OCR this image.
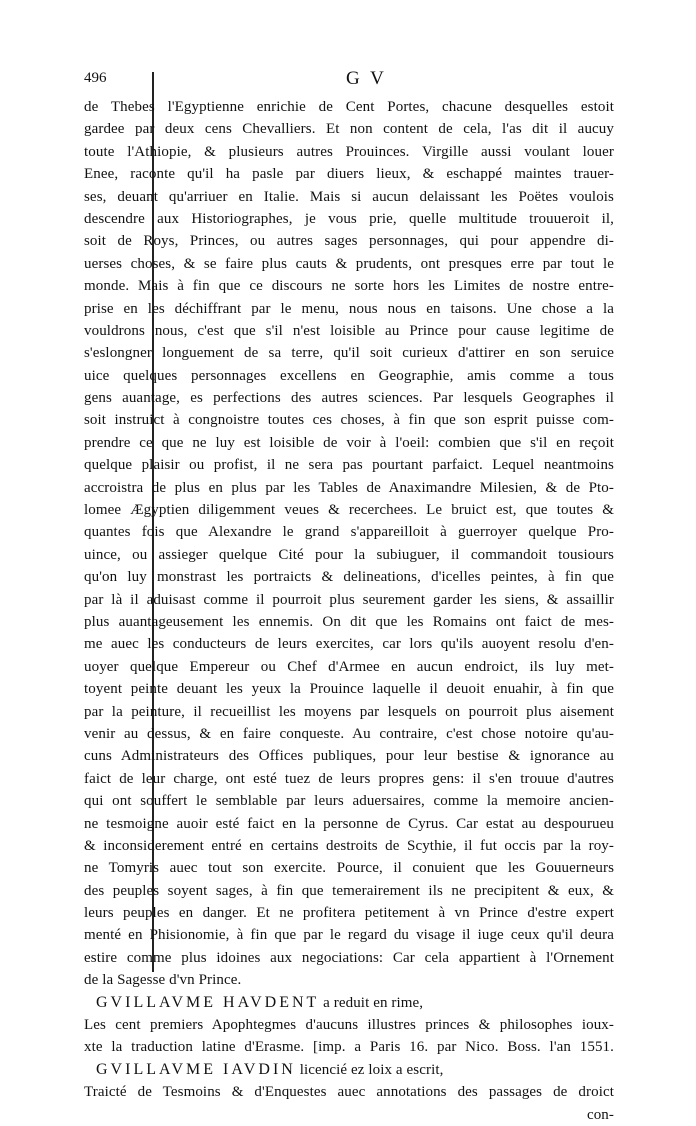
496	G V
de Thebes l'Egyptienne enrichie de Cent Portes, chacune desquelles estoit
gardee par deux cens Chevalliers. Et non content de cela, l'as dit il aucuy
toute l'Athiopie, & plusieurs autres Prouinces. Virgille aussi voulant louer
Enee, raconte qu'il ha pasle par diuers lieux, & eschappé maintes trauer-
ses, deuant qu'arriuer en Italie. Mais si aucun delaissant les Poëtes voulois
descendre aux Historiographes, je vous prie, quelle multitude trouueroit il,
soit de Roys, Princes, ou autres sages personnages, qui pour appendre di-
uerses choses, & se faire plus cauts & prudents, ont presques erre par tout le
monde. Mais à fin que ce discours ne sorte hors les Limites de nostre entre-
prise en les déchiffrant par le menu, nous nous en taisons. Une chose a la
vouldrons nous, c'est que s'il n'est loisible au Prince pour cause legitime de
s'eslongner longuement de sa terre, qu'il soit curieux d'attirer en son seruice
uice quelques personnages excellens en Geographie, amis comme a tous
gens auantage, es perfections des autres sciences. Par lesquels Geographes il
soit instruict à congnoistre toutes ces choses, à fin que son esprit puisse com-
prendre ce que ne luy est loisible de voir à l'oeil: combien que s'il en reçoit
quelque plaisir ou profist, il ne sera pas pourtant parfaict. Lequel neantmoins
accroistra de plus en plus par les Tables de Anaximandre Milesien, & de Pto-
lomee Ægyptien diligemment veues & recerchees. Le bruict est, que toutes &
quantes fois que Alexandre le grand s'appareilloit à guerroyer quelque Pro-
uince, ou assieger quelque Cité pour la subiuguer, il commandoit tousiours
qu'on luy monstrast les portraicts & delineations, d'icelles peintes, à fin que
par là il aduisast comme il pourroit plus seurement garder les siens, & assaillir
plus auantageusement les ennemis. On dit que les Romains ont faict de mes-
me auec les conducteurs de leurs exercites, car lors qu'ils auoyent resolu d'en-
uoyer quelque Empereur ou Chef d'Armee en aucun endroict, ils luy met-
toyent peinte deuant les yeux la Prouince laquelle il deuoit enuahir, à fin que
par la peinture, il recueillist les moyens par lesquels on pourroit plus aisement
venir au dessus, & en faire conqueste. Au contraire, c'est chose notoire qu'au-
cuns Administrateurs des Offices publiques, pour leur bestise & ignorance au
faict de leur charge, ont esté tuez de leurs propres gens: il s'en trouue d'autres
qui ont souffert le semblable par leurs aduersaires, comme la memoire ancien-
ne tesmoigne auoir esté faict en la personne de Cyrus. Car estat au despourueu
& inconsiderement entré en certains destroits de Scythie, il fut occis par la roy-
ne Tomyris auec tout son exercite. Pource, il conuient que les Gouuerneurs
des peuples soyent sages, à fin que temerairement ils ne precipitent & eux, &
leurs peuples en danger. Et ne profitera petitement à vn Prince d'estre expert
menté en Phisionomie, à fin que par le regard du visage il iuge ceux qu'il deura
estire comme plus idoines aux negociations: Car cela appartient à l'Ornement
de la Sagesse d'vn Prince.
GVILLAVME HAVDENT a reduit en rime,
Les cent premiers Apophtegmes d'aucuns illustres princes & philosophes ioux-
xte la traduction latine d'Erasme. [imp. a Paris 16. par Nico. Boss. l'an 1551.
GVILLAVME IAVDIN licencié ez loix a escrit,
Traicté de Tesmoins & d'Enquestes auec annotations des passages de droict
con-
